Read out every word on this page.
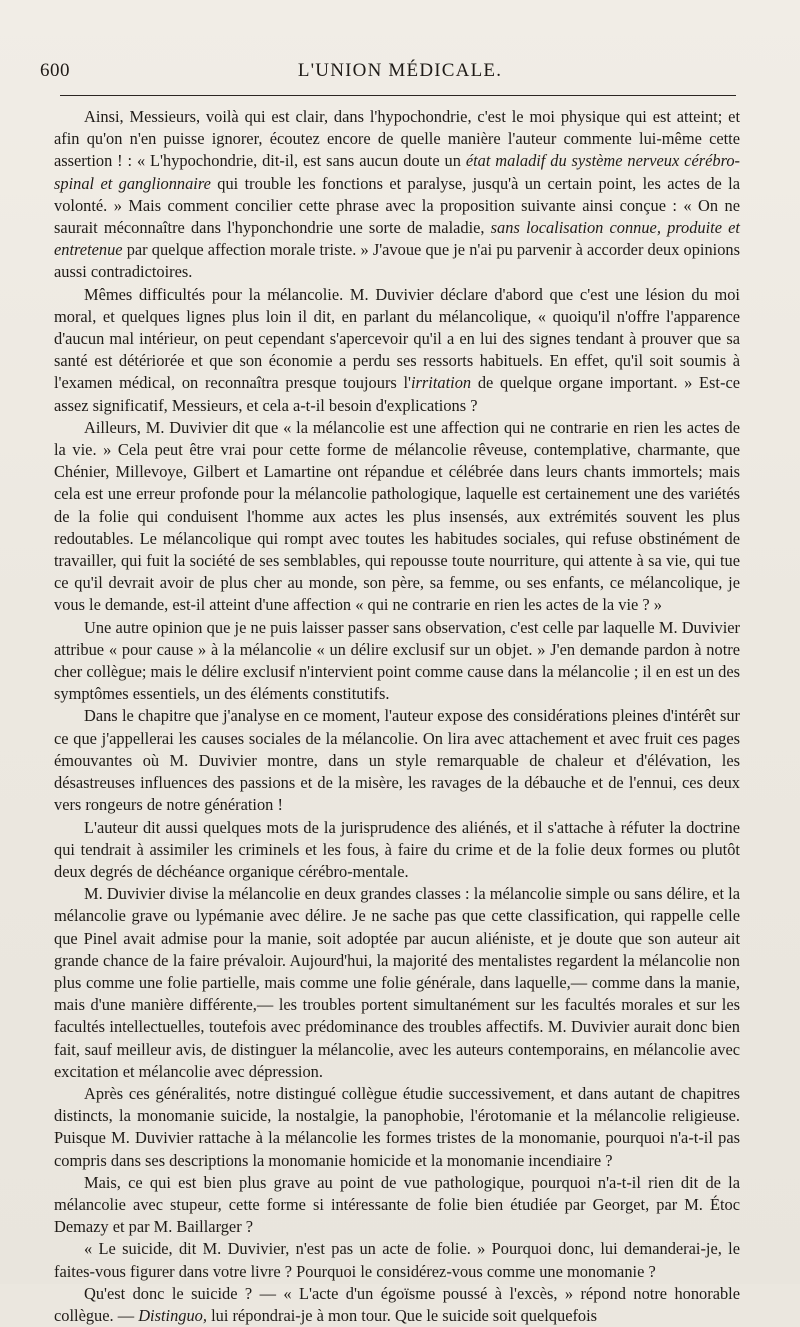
600	L'UNION MÉDICALE.

Ainsi, Messieurs, voilà qui est clair, dans l'hypochondrie, c'est le moi physique qui est atteint; et afin qu'on n'en puisse ignorer, écoutez encore de quelle manière l'auteur commente lui-même cette assertion ! : « L'hypochondrie, dit-il, est sans aucun doute un état maladif du système nerveux cérébro-spinal et ganglionnaire qui trouble les fonctions et paralyse, jusqu'à un certain point, les actes de la volonté. » Mais comment concilier cette phrase avec la proposition suivante ainsi conçue : « On ne saurait méconnaître dans l'hyponchondrie une sorte de maladie, sans localisation connue, produite et entretenue par quelque affection morale triste. » J'avoue que je n'ai pu parvenir à accorder deux opinions aussi contradictoires.

Mêmes difficultés pour la mélancolie. M. Duvivier déclare d'abord que c'est une lésion du moi moral, et quelques lignes plus loin il dit, en parlant du mélancolique, « quoiqu'il n'offre l'apparence d'aucun mal intérieur, on peut cependant s'apercevoir qu'il a en lui des signes tendant à prouver que sa santé est détériorée et que son économie a perdu ses ressorts habituels. En effet, qu'il soit soumis à l'examen médical, on reconnaîtra presque toujours l'irritation de quelque organe important. » Est-ce assez significatif, Messieurs, et cela a-t-il besoin d'explications ?

Ailleurs, M. Duvivier dit que « la mélancolie est une affection qui ne contrarie en rien les actes de la vie. » Cela peut être vrai pour cette forme de mélancolie rêveuse, contemplative, charmante, que Chénier, Millevoye, Gilbert et Lamartine ont répandue et célébrée dans leurs chants immortels; mais cela est une erreur profonde pour la mélancolie pathologique, laquelle est certainement une des variétés de la folie qui conduisent l'homme aux actes les plus insensés, aux extrémités souvent les plus redoutables. Le mélancolique qui rompt avec toutes les habitudes sociales, qui refuse obstinément de travailler, qui fuit la société de ses semblables, qui repousse toute nourriture, qui attente à sa vie, qui tue ce qu'il devrait avoir de plus cher au monde, son père, sa femme, ou ses enfants, ce mélancolique, je vous le demande, est-il atteint d'une affection « qui ne contrarie en rien les actes de la vie ? »

Une autre opinion que je ne puis laisser passer sans observation, c'est celle par laquelle M. Duvivier attribue « pour cause » à la mélancolie « un délire exclusif sur un objet. » J'en demande pardon à notre cher collègue; mais le délire exclusif n'intervient point comme cause dans la mélancolie ; il en est un des symptômes essentiels, un des éléments constitutifs.

Dans le chapitre que j'analyse en ce moment, l'auteur expose des considérations pleines d'intérêt sur ce que j'appellerai les causes sociales de la mélancolie. On lira avec attachement et avec fruit ces pages émouvantes où M. Duvivier montre, dans un style remarquable de chaleur et d'élévation, les désastreuses influences des passions et de la misère, les ravages de la débauche et de l'ennui, ces deux vers rongeurs de notre génération !

L'auteur dit aussi quelques mots de la jurisprudence des aliénés, et il s'attache à réfuter la doctrine qui tendrait à assimiler les criminels et les fous, à faire du crime et de la folie deux formes ou plutôt deux degrés de déchéance organique cérébro-mentale.

M. Duvivier divise la mélancolie en deux grandes classes : la mélancolie simple ou sans délire, et la mélancolie grave ou lypémanie avec délire. Je ne sache pas que cette classification, qui rappelle celle que Pinel avait admise pour la manie, soit adoptée par aucun aliéniste, et je doute que son auteur ait grande chance de la faire prévaloir. Aujourd'hui, la majorité des mentalistes regardent la mélancolie non plus comme une folie partielle, mais comme une folie générale, dans laquelle,— comme dans la manie, mais d'une manière différente,— les troubles portent simultanément sur les facultés morales et sur les facultés intellectuelles, toutefois avec prédominance des troubles affectifs. M. Duvivier aurait donc bien fait, sauf meilleur avis, de distinguer la mélancolie, avec les auteurs contemporains, en mélancolie avec excitation et mélancolie avec dépression.

Après ces généralités, notre distingué collègue étudie successivement, et dans autant de chapitres distincts, la monomanie suicide, la nostalgie, la panophobie, l'érotomanie et la mélancolie religieuse. Puisque M. Duvivier rattache à la mélancolie les formes tristes de la monomanie, pourquoi n'a-t-il pas compris dans ses descriptions la monomanie homicide et la monomanie incendiaire ?

Mais, ce qui est bien plus grave au point de vue pathologique, pourquoi n'a-t-il rien dit de la mélancolie avec stupeur, cette forme si intéressante de folie bien étudiée par Georget, par M. Étoc Demazy et par M. Baillarger ?

« Le suicide, dit M. Duvivier, n'est pas un acte de folie. » Pourquoi donc, lui demanderai-je, le faites-vous figurer dans votre livre ? Pourquoi le considérez-vous comme une monomanie ?

Qu'est donc le suicide ? — « L'acte d'un égoïsme poussé à l'excès, » répond notre honorable collègue. — Distinguo, lui répondrai-je à mon tour. Que le suicide soit quelquefois
